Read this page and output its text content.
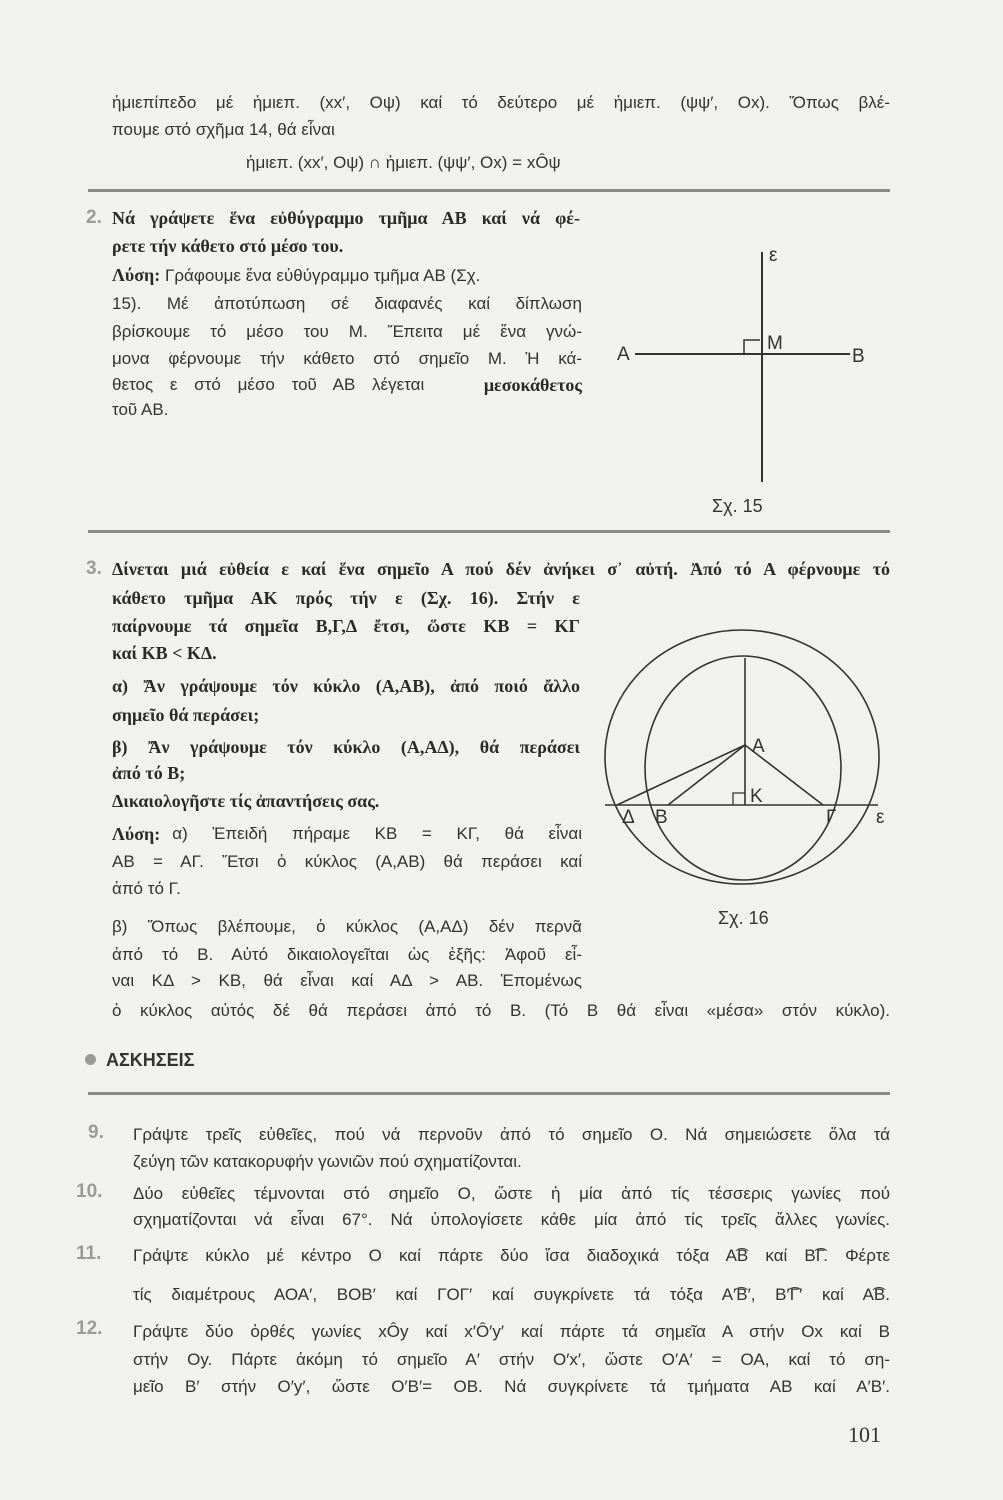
ἡμιεπίπεδο μέ ἡμιεπ. (xx′, Oψ) καί τό δεύτερο μέ ἡμιεπ. (ψψ′, Ox). Ὅπως βλέ-
πουμε στό σχῆμα 14, θά εἶναι
ἡμιεπ. (xx′, Oψ) ∩ ἡμιεπ. (ψψ′, Ox) = xÔψ
2. Νά γράψετε ἕνα εὐθύγραμμο τμῆμα ΑΒ καί νά φέ-
ρετε τήν κάθετο στό μέσο του.
Λύση: Γράφουμε ἕνα εὐθύγραμμο τμῆμα ΑΒ (Σχ.
15). Μέ ἀποτύπωση σέ διαφανές καί δίπλωση
βρίσκουμε τό μέσο του Μ. Ἔπειτα μέ ἕνα γνώ-
μονα φέρνουμε τήν κάθετο στό σημεῖο Μ. Ἡ κά-
θετος ε στό μέσο τοῦ ΑΒ λέγεται	μεσοκάθετος
τοῦ ΑΒ.
ε
Μ
Α	Β
Σχ. 15
3. Δίνεται μιά εὐθεία ε καί ἕνα σημεῖο Α πού δέν ἀνήκει σ᾽ αὐτή. Ἀπό τό Α φέρνουμε τό
κάθετο τμῆμα ΑΚ πρός τήν ε (Σχ. 16). Στήν ε
παίρνουμε τά σημεῖα Β,Γ,Δ ἔτσι, ὥστε ΚΒ = ΚΓ
καί ΚΒ < ΚΔ.
α) Ἄν γράψουμε τόν κύκλο (Α,ΑΒ), ἀπό ποιό ἄλλο
σημεῖο θά περάσει;
β) Ἄν γράψουμε τόν κύκλο (Α,ΑΔ), θά περάσει
ἀπό τό Β;
Δικαιολογῆστε τίς ἀπαντήσεις σας.
Λύση: α) Ἐπειδή πήραμε ΚΒ = ΚΓ, θά εἶναι
ΑΒ = ΑΓ. Ἔτσι ὁ κύκλος (Α,ΑΒ) θά περάσει καί
ἀπό τό Γ.
β) Ὅπως βλέπουμε, ὁ κύκλος (Α,ΑΔ) δέν περνᾶ
ἀπό τό Β. Αὐτό δικαιολογεῖται ὡς ἑξῆς: Ἀφοῦ εἶ-
ναι ΚΔ > ΚΒ, θά εἶναι καί ΑΔ > ΑΒ. Ἑπομένως
ὁ κύκλος αὐτός δέ θά περάσει ἀπό τό Β. (Τό Β θά εἶναι «μέσα» στόν κύκλο).
Α
Κ
Δ Β	Γ ε
Σχ. 16
ΑΣΚΗΣΕΙΣ
9. Γράψτε τρεῖς εὐθεῖες, πού νά περνοῦν ἀπό τό σημεῖο Ο. Νά σημειώσετε ὅλα τά
ζεύγη τῶν κατακορυφήν γωνιῶν πού σχηματίζονται.
10. Δύο εὐθεῖες τέμνονται στό σημεῖο Ο, ὥστε ἡ μία ἀπό τίς τέσσερις γωνίες πού
σχηματίζονται νά εἶναι 67°. Νά ὑπολογίσετε κάθε μία ἀπό τίς τρεῖς ἄλλες γωνίες.
11. Γράψτε κύκλο μέ κέντρο Ο καί πάρτε δύο ἴσα διαδοχικά τόξα Α͡Β καί Β͡Γ. Φέρτε
τίς διαμέτρους ΑΟΑ′, ΒΟΒ′ καί ΓΟΓ′ καί συγκρίνετε τά τόξα Α′͡Β′, Β′͡Γ′ καί Α͡Β.
12. Γράψτε δύο ὀρθές γωνίες xÔy καί x′Ô′y′ καί πάρτε τά σημεῖα Α στήν Οx καί Β
στήν Οy. Πάρτε ἀκόμη τό σημεῖο Α′ στήν Ο′x′, ὥστε Ο′Α′ = ΟΑ, καί τό ση-
μεῖο Β′ στήν Ο′y′, ὥστε Ο′Β′= ΟΒ. Νά συγκρίνετε τά τμήματα ΑΒ καί Α′Β′.
101
